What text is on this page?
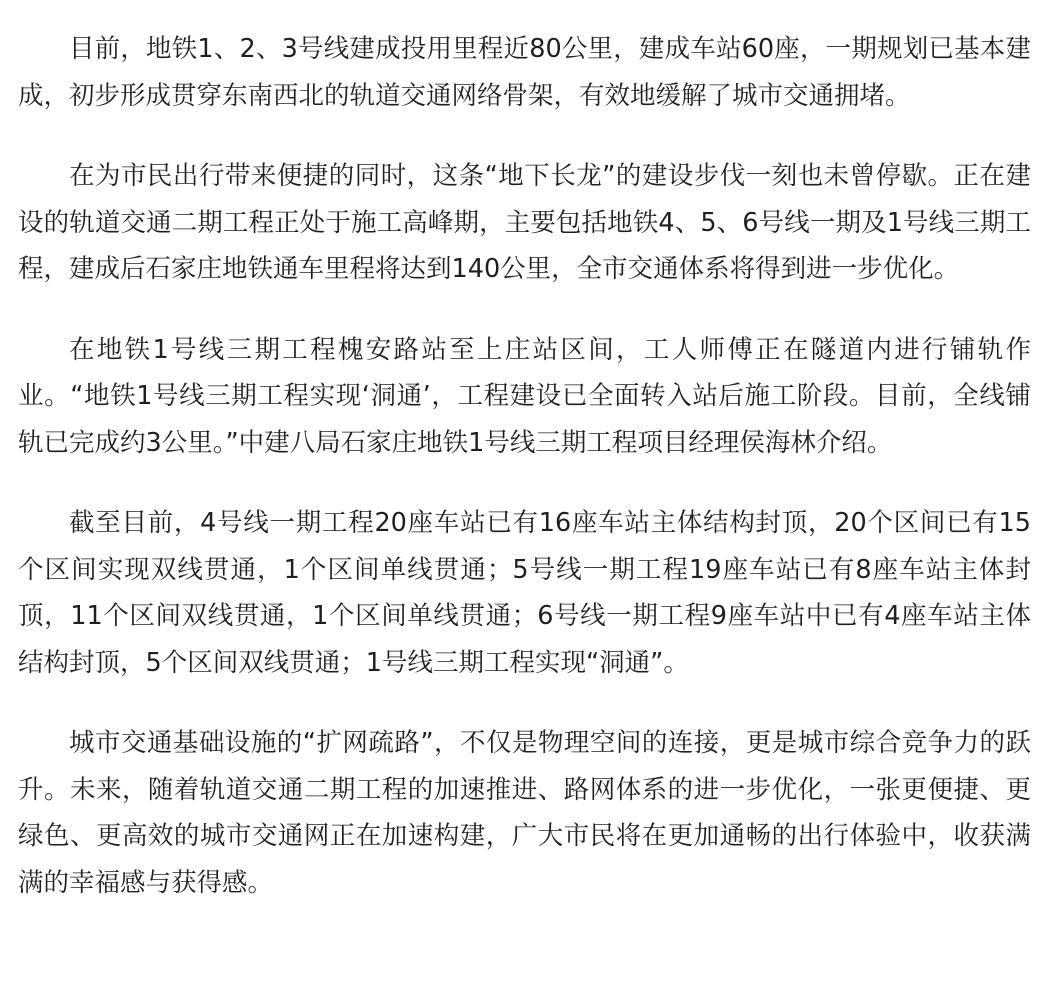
目前，地铁1、2、3号线建成投用里程近80公里，建成车站60座，一期规划已基本建成，初步形成贯穿东南西北的轨道交通网络骨架，有效地缓解了城市交通拥堵。

在为市民出行带来便捷的同时，这条“地下长龙”的建设步伐一刻也未曾停歇。正在建设的轨道交通二期工程正处于施工高峰期，主要包括地铁4、5、6号线一期及1号线三期工程，建成后石家庄地铁通车里程将达到140公里，全市交通体系将得到进一步优化。

在地铁1号线三期工程槐安路站至上庄站区间，工人师傅正在隧道内进行铺轨作业。“地铁1号线三期工程实现‘洞通’，工程建设已全面转入站后施工阶段。目前，全线铺轨已完成约3公里。”中建八局石家庄地铁1号线三期工程项目经理侯海林介绍。

截至目前，4号线一期工程20座车站已有16座车站主体结构封顶，20个区间已有15个区间实现双线贯通，1个区间单线贯通；5号线一期工程19座车站已有8座车站主体封顶，11个区间双线贯通，1个区间单线贯通；6号线一期工程9座车站中已有4座车站主体结构封顶，5个区间双线贯通；1号线三期工程实现“洞通”。

城市交通基础设施的“扩网疏路”，不仅是物理空间的连接，更是城市综合竞争力的跃升。未来，随着轨道交通二期工程的加速推进、路网体系的进一步优化，一张更便捷、更绿色、更高效的城市交通网正在加速构建，广大市民将在更加通畅的出行体验中，收获满满的幸福感与获得感。
